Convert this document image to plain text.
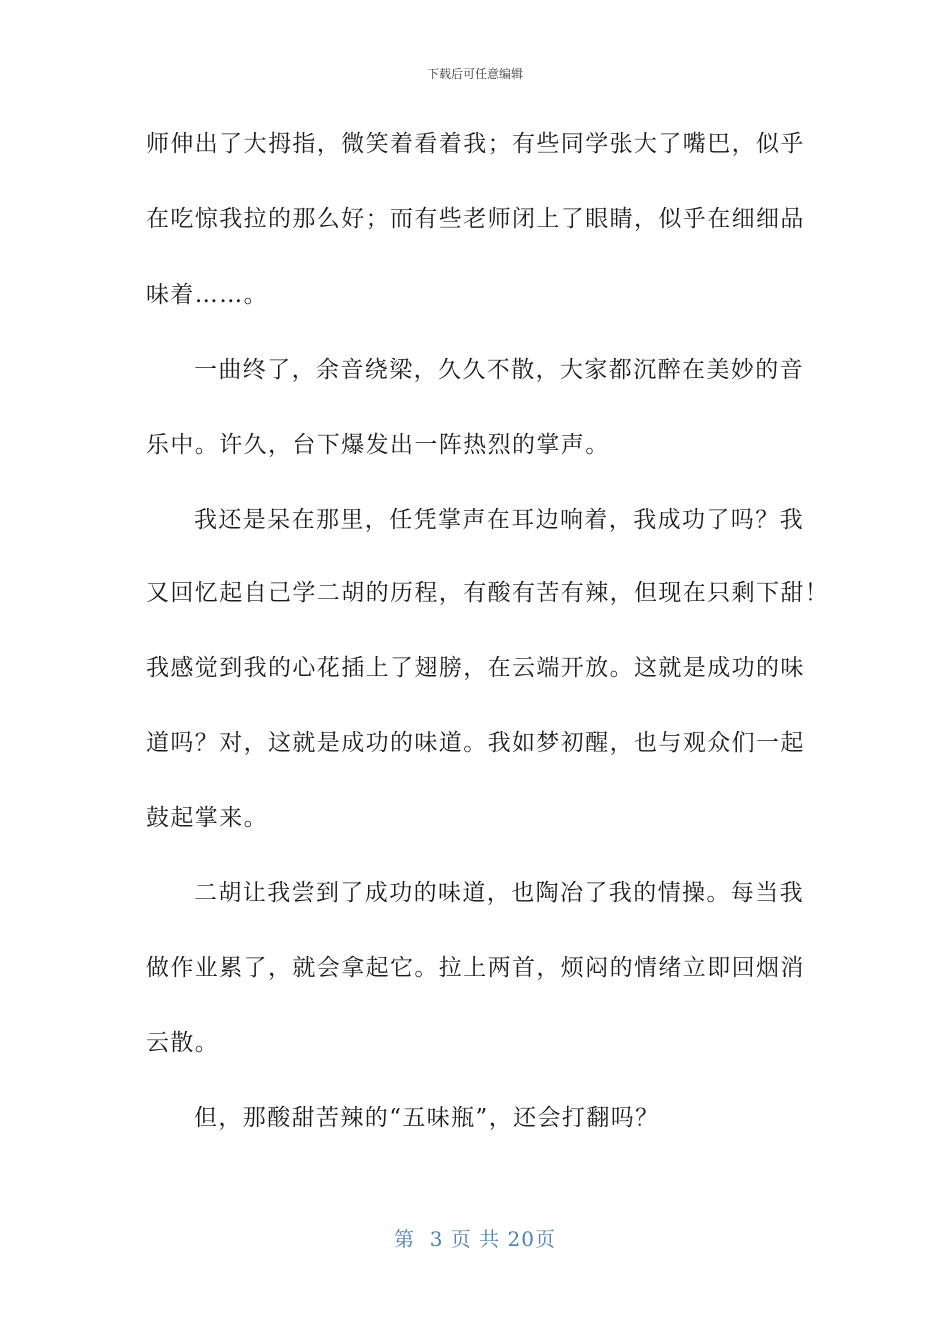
下载后可任意编辑
师伸出了大拇指，微笑着看着我；有些同学张大了嘴巴，似乎
在吃惊我拉的那么好；而有些老师闭上了眼睛，似乎在细细品
味着……。
一曲终了，余音绕梁，久久不散，大家都沉醉在美妙的音
乐中。许久，台下爆发出一阵热烈的掌声。
我还是呆在那里，任凭掌声在耳边响着，我成功了吗？我
又回忆起自己学二胡的历程，有酸有苦有辣，但现在只剩下甜！
我感觉到我的心花插上了翅膀，在云端开放。这就是成功的味
道吗？对，这就是成功的味道。我如梦初醒，也与观众们一起
鼓起掌来。
二胡让我尝到了成功的味道，也陶冶了我的情操。每当我
做作业累了，就会拿起它。拉上两首，烦闷的情绪立即回烟消
云散。
但，那酸甜苦辣的“五味瓶”，还会打翻吗？
第  3 页 共 20页
